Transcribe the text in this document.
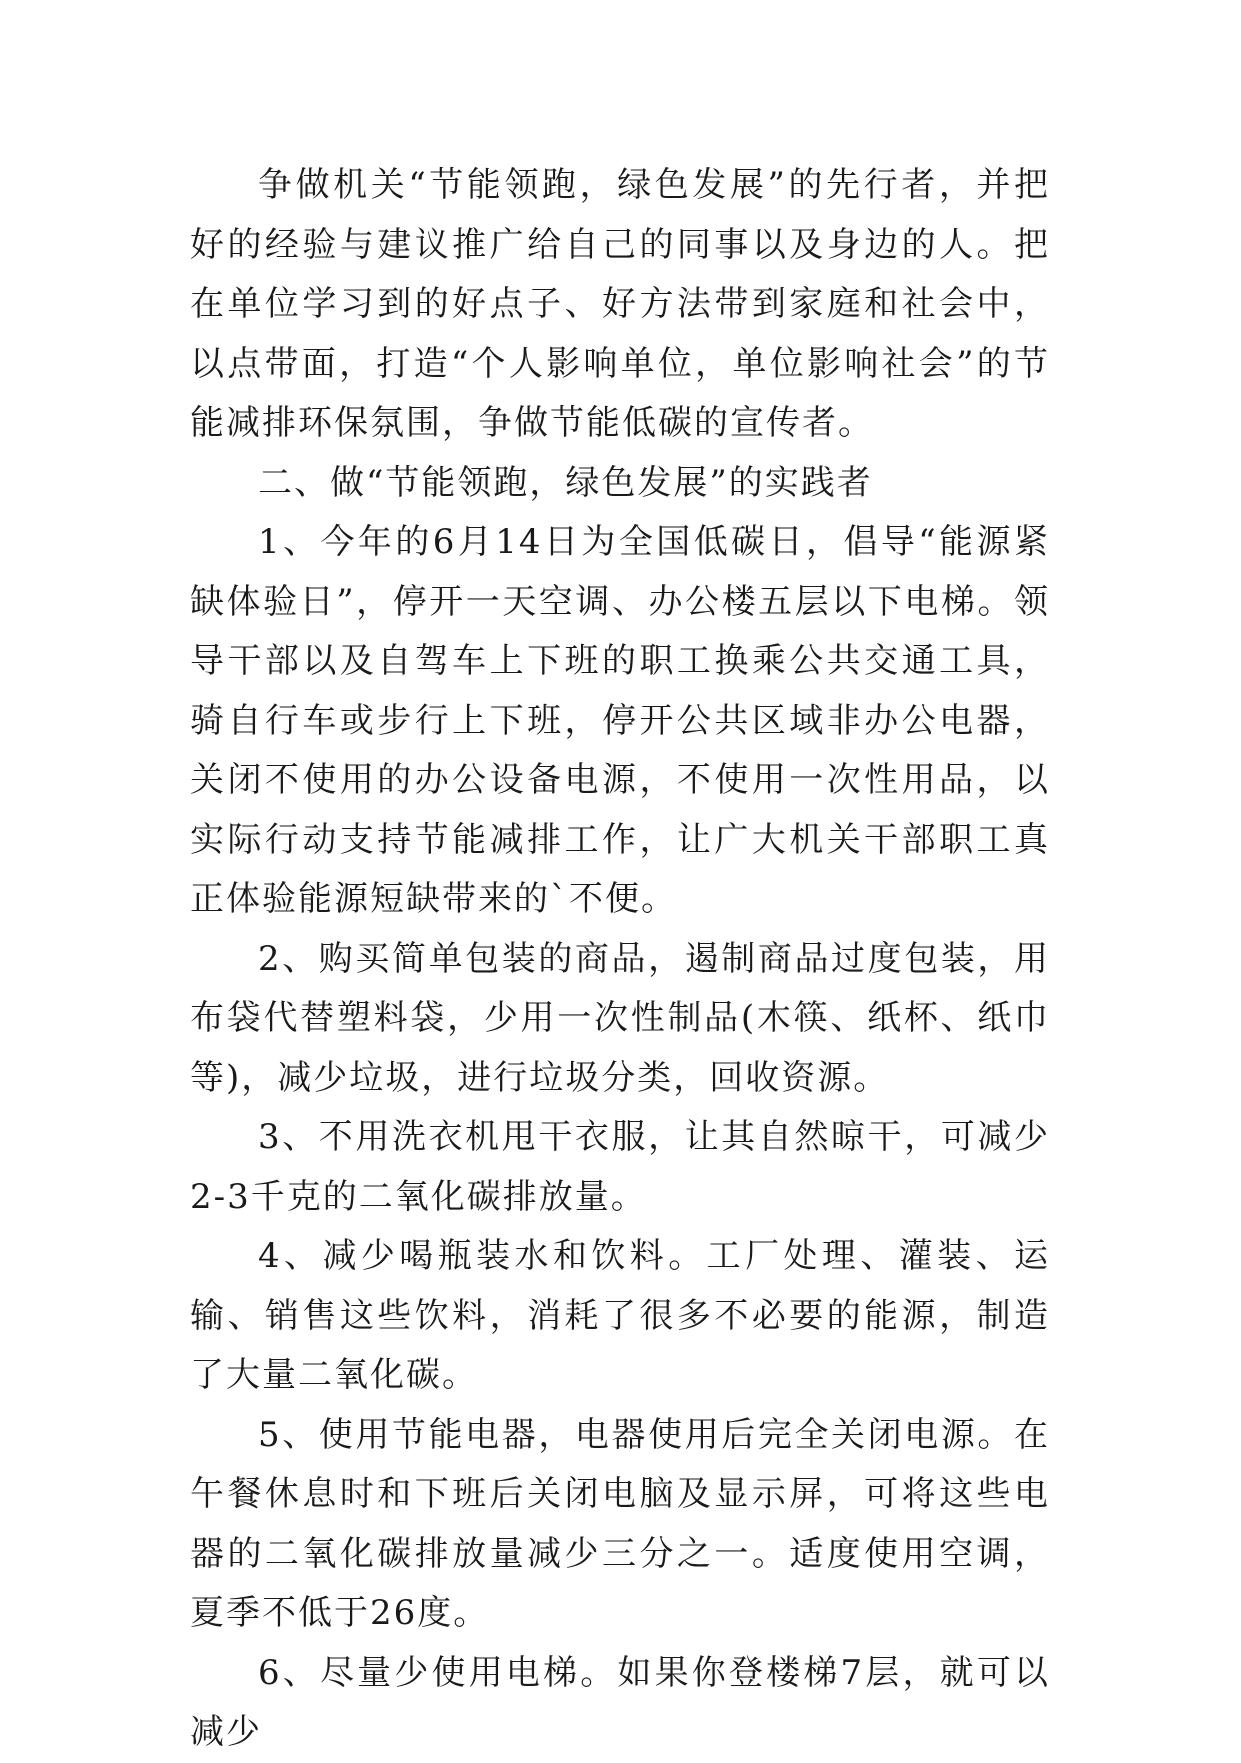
争做机关“节能领跑，绿色发展”的先行者，并把好的经验与建议推广给自己的同事以及身边的人。把在单位学习到的好点子、好方法带到家庭和社会中，以点带面，打造“个人影响单位，单位影响社会”的节能减排环保氛围，争做节能低碳的宣传者。

二、做“节能领跑，绿色发展”的实践者

1、今年的6月14日为全国低碳日，倡导“能源紧缺体验日”，停开一天空调、办公楼五层以下电梯。领导干部以及自驾车上下班的职工换乘公共交通工具，骑自行车或步行上下班，停开公共区域非办公电器，关闭不使用的办公设备电源，不使用一次性用品，以实际行动支持节能减排工作，让广大机关干部职工真正体验能源短缺带来的`不便。

2、购买简单包装的商品，遏制商品过度包装，用布袋代替塑料袋，少用一次性制品(木筷、纸杯、纸巾等)，减少垃圾，进行垃圾分类，回收资源。

3、不用洗衣机甩干衣服，让其自然晾干，可减少2-3千克的二氧化碳排放量。

4、减少喝瓶装水和饮料。工厂处理、灌装、运输、销售这些饮料，消耗了很多不必要的能源，制造了大量二氧化碳。

5、使用节能电器，电器使用后完全关闭电源。在午餐休息时和下班后关闭电脑及显示屏，可将这些电器的二氧化碳排放量减少三分之一。适度使用空调，夏季不低于26度。

6、尽量少使用电梯。如果你登楼梯7层，就可以减少
